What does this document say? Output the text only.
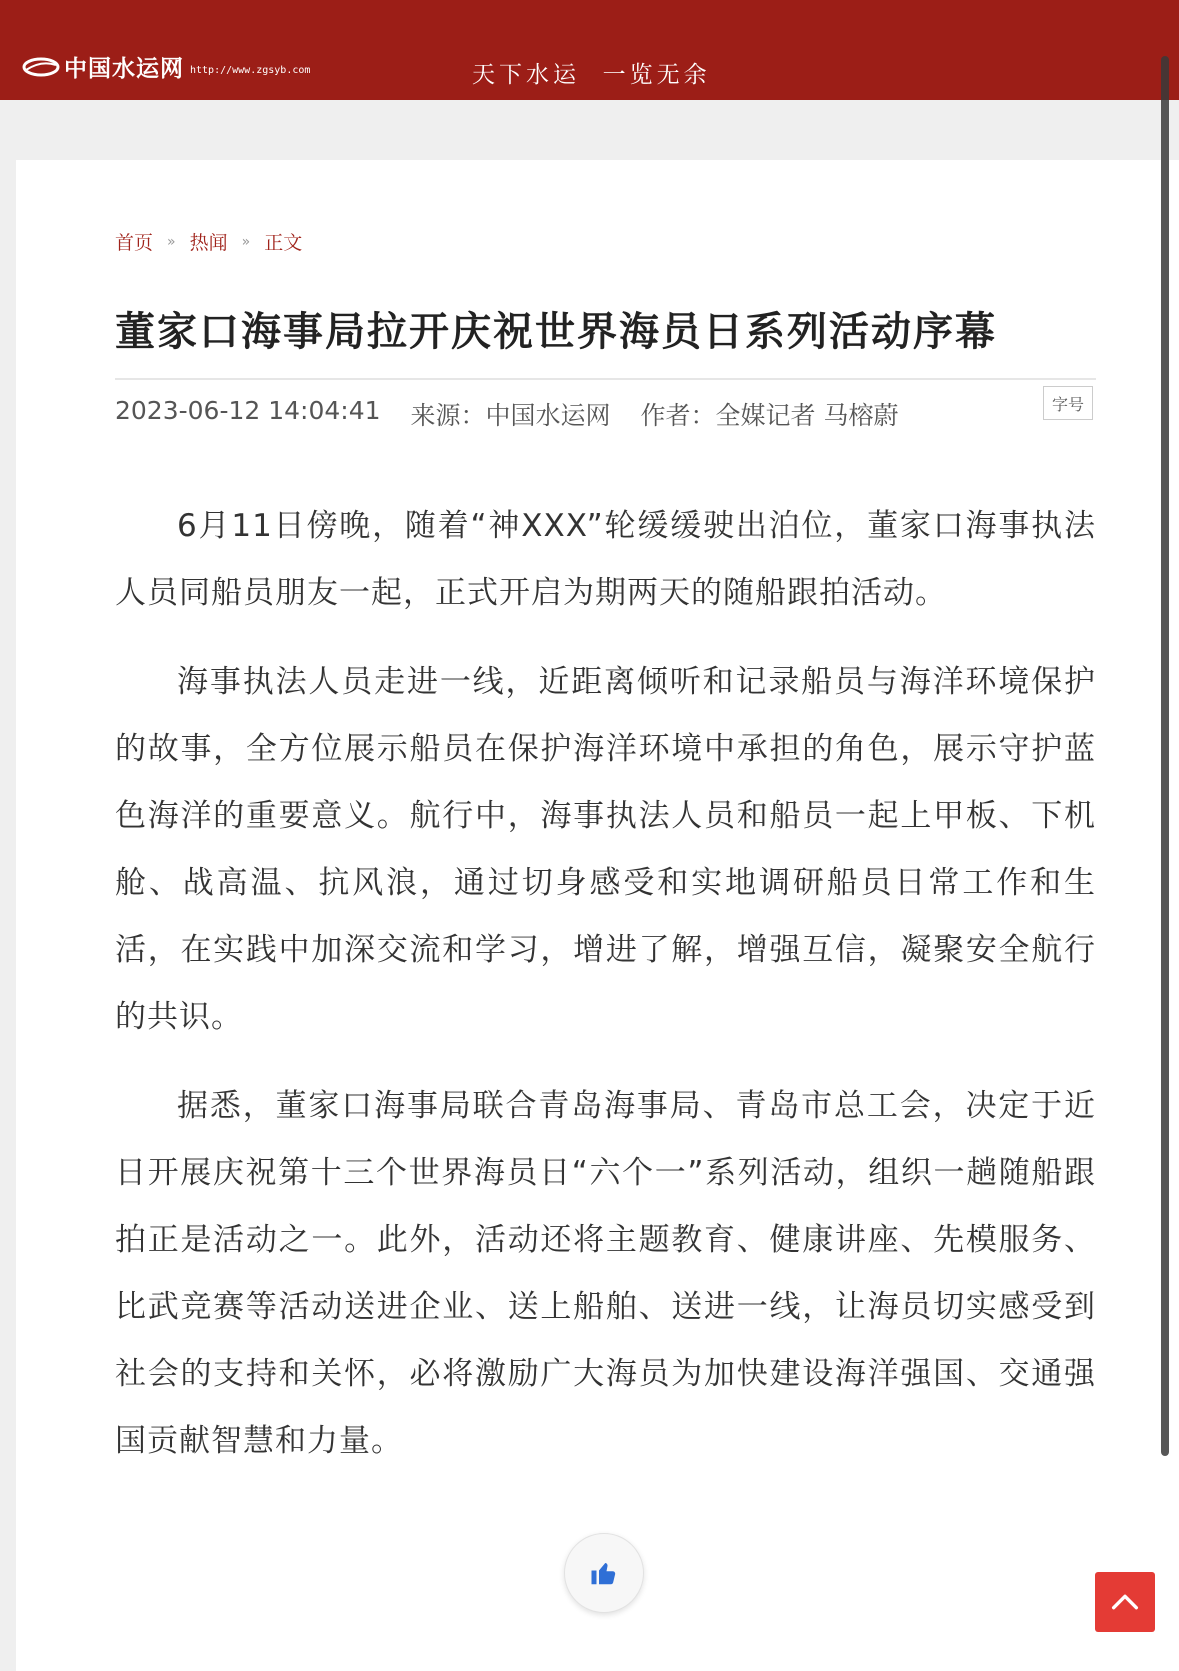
中国水运网 http://www.zgsyb.com	天下水运  一览无余
首页 » 热闻 » 正文
董家口海事局拉开庆祝世界海员日系列活动序幕
2023-06-12 14:04:41 来源：中国水运网 作者：全媒记者 马榕蔚	字号

6月11日傍晚，随着“神XXX”轮缓缓驶出泊位，董家口海事执法人员同船员朋友一起，正式开启为期两天的随船跟拍活动。

海事执法人员走进一线，近距离倾听和记录船员与海洋环境保护的故事，全方位展示船员在保护海洋环境中承担的角色，展示守护蓝色海洋的重要意义。航行中，海事执法人员和船员一起上甲板、下机舱、战高温、抗风浪，通过切身感受和实地调研船员日常工作和生活，在实践中加深交流和学习，增进了解，增强互信，凝聚安全航行的共识。

据悉，董家口海事局联合青岛海事局、青岛市总工会，决定于近日开展庆祝第十三个世界海员日“六个一”系列活动，组织一趟随船跟拍正是活动之一。此外，活动还将主题教育、健康讲座、先模服务、比武竞赛等活动送进企业、送上船舶、送进一线，让海员切实感受到社会的支持和关怀，必将激励广大海员为加快建设海洋强国、交通强国贡献智慧和力量。
